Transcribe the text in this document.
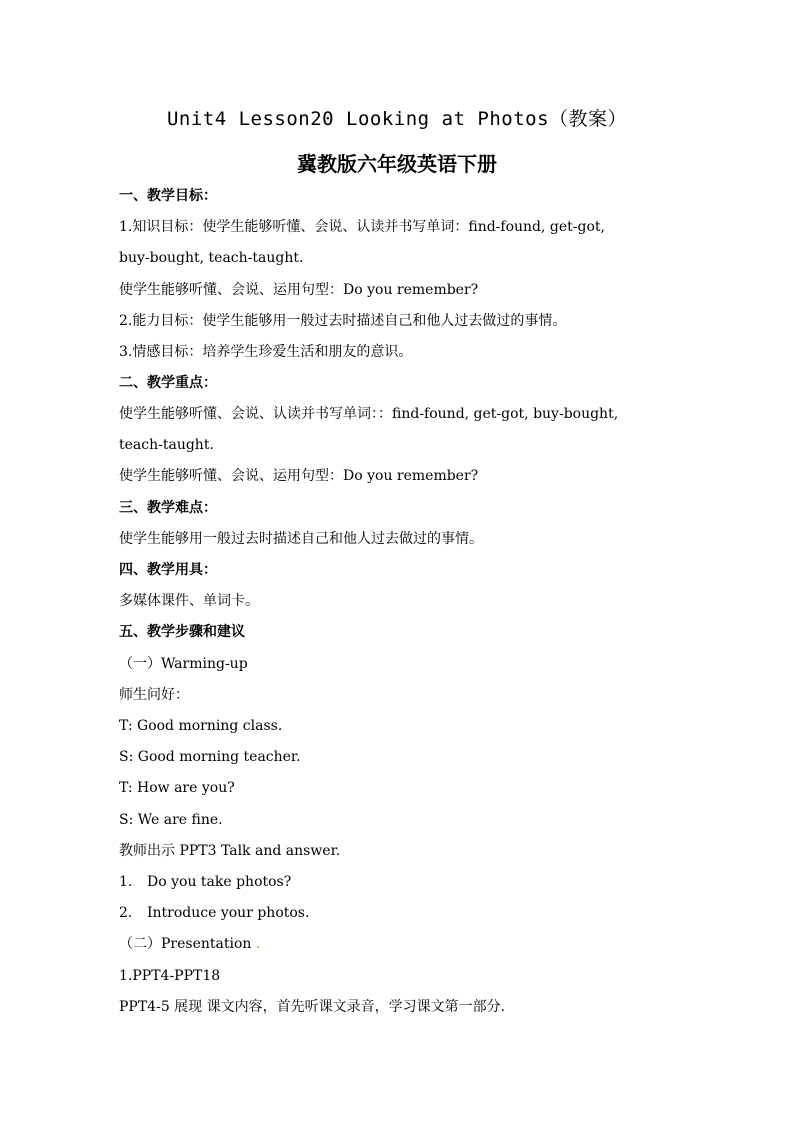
Unit4 Lesson20 Looking at Photos（教案）
冀教版六年级英语下册
一、教学目标：
1.知识目标：使学生能够听懂、会说、认读并书写单词：find-found, get-got,
buy-bought, teach-taught.
使学生能够听懂、会说、运用句型：Do you remember?
2.能力目标：使学生能够用一般过去时描述自己和他人过去做过的事情。
3.情感目标：培养学生珍爱生活和朋友的意识。
二、教学重点：
使学生能够听懂、会说、认读并书写单词：：find-found, get-got, buy-bought,
teach-taught.
使学生能够听懂、会说、运用句型：Do you remember?
三、教学难点：
使学生能够用一般过去时描述自己和他人过去做过的事情。
四、教学用具：
多媒体课件、单词卡。
五、教学步骤和建议
（一）Warming-up
师生问好：
T: Good morning class.
S: Good morning teacher.
T: How are you?
S: We are fine.
教师出示 PPT3 Talk and answer.
1. Do you take photos?
2. Introduce your photos.
（二）Presentation .
1.PPT4-PPT18
PPT4-5 展现 课文内容，首先听课文录音，学习课文第一部分.
